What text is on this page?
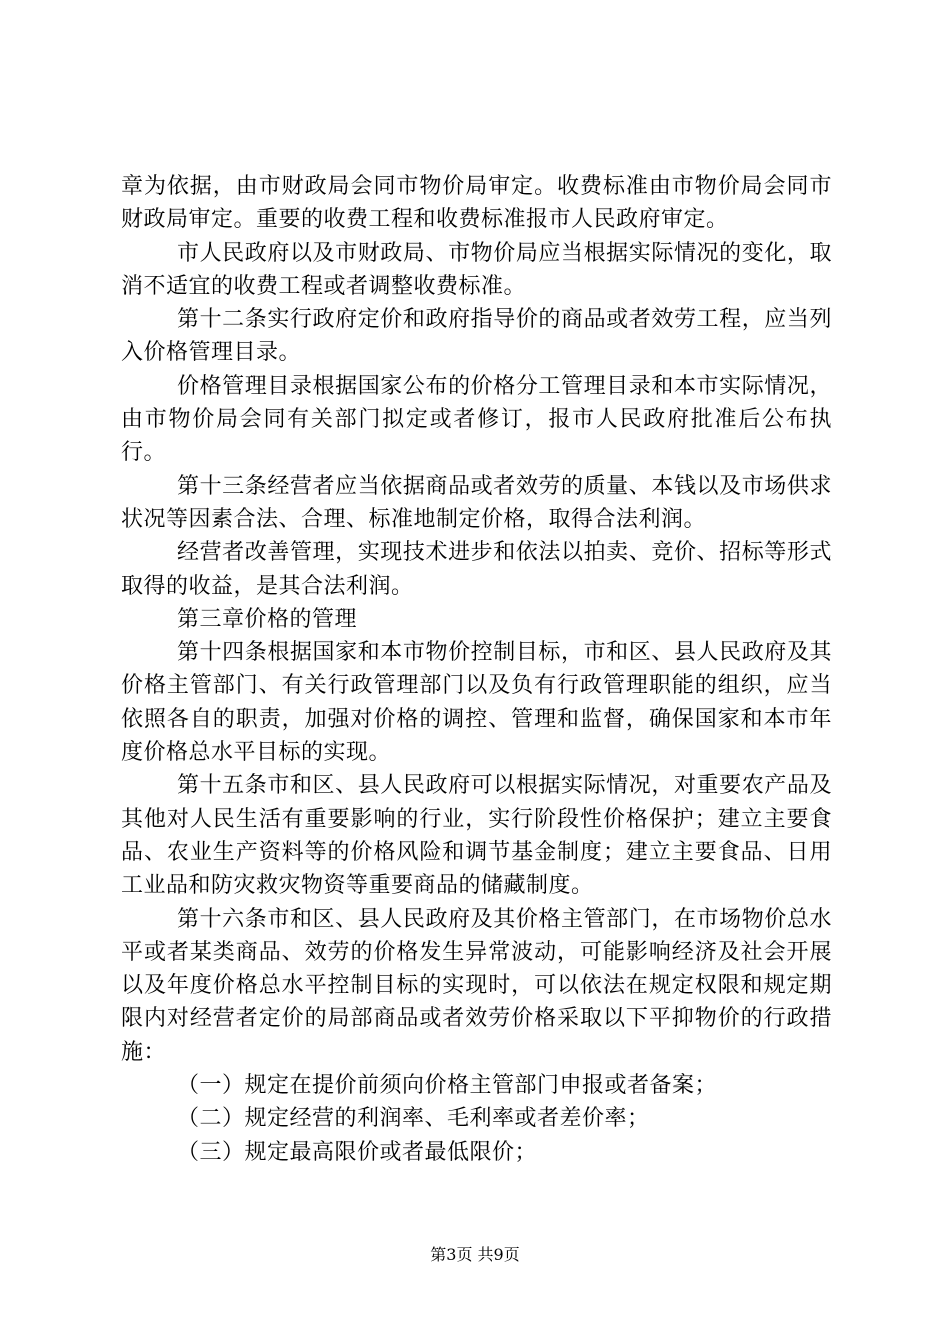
章为依据，由市财政局会同市物价局审定。收费标准由市物价局会同市财政局审定。重要的收费工程和收费标准报市人民政府审定。

市人民政府以及市财政局、市物价局应当根据实际情况的变化，取消不适宜的收费工程或者调整收费标准。

第十二条实行政府定价和政府指导价的商品或者效劳工程，应当列入价格管理目录。

价格管理目录根据国家公布的价格分工管理目录和本市实际情况，由市物价局会同有关部门拟定或者修订，报市人民政府批准后公布执行。

第十三条经营者应当依据商品或者效劳的质量、本钱以及市场供求状况等因素合法、合理、标准地制定价格，取得合法利润。

经营者改善管理，实现技术进步和依法以拍卖、竞价、招标等形式取得的收益，是其合法利润。

第三章价格的管理

第十四条根据国家和本市物价控制目标，市和区、县人民政府及其价格主管部门、有关行政管理部门以及负有行政管理职能的组织，应当依照各自的职责，加强对价格的调控、管理和监督，确保国家和本市年度价格总水平目标的实现。

第十五条市和区、县人民政府可以根据实际情况，对重要农产品及其他对人民生活有重要影响的行业，实行阶段性价格保护；建立主要食品、农业生产资料等的价格风险和调节基金制度；建立主要食品、日用工业品和防灾救灾物资等重要商品的储藏制度。

第十六条市和区、县人民政府及其价格主管部门，在市场物价总水平或者某类商品、效劳的价格发生异常波动，可能影响经济及社会开展以及年度价格总水平控制目标的实现时，可以依法在规定权限和规定期限内对经营者定价的局部商品或者效劳价格采取以下平抑物价的行政措施：

（一）规定在提价前须向价格主管部门申报或者备案；

（二）规定经营的利润率、毛利率或者差价率；

（三）规定最高限价或者最低限价；

第3页 共9页
